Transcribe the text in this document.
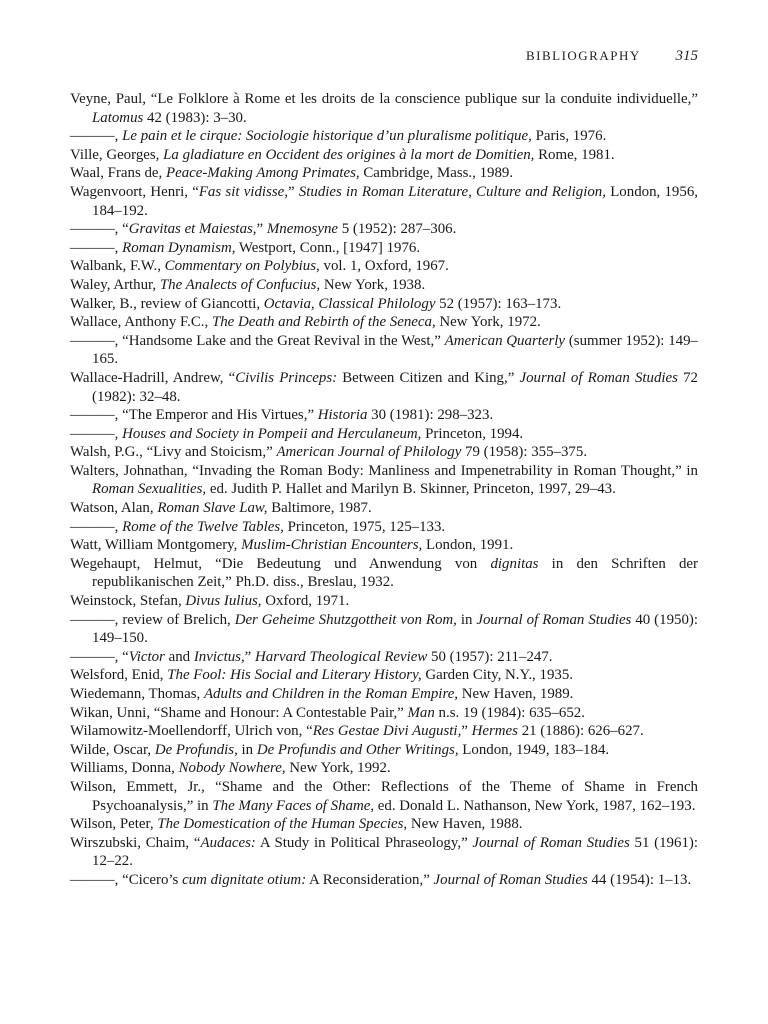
BIBLIOGRAPHY 315

Veyne, Paul, “Le Folklore à Rome et les droits de la conscience publique sur la conduite individuelle,” Latomus 42 (1983): 3–30.

———, Le pain et le cirque: Sociologie historique d’un pluralisme politique, Paris, 1976.

Ville, Georges, La gladiature en Occident des origines à la mort de Domitien, Rome, 1981.

Waal, Frans de, Peace-Making Among Primates, Cambridge, Mass., 1989.

Wagenvoort, Henri, “Fas sit vidisse,” Studies in Roman Literature, Culture and Religion, London, 1956, 184–192.

———, “Gravitas et Maiestas,” Mnemosyne 5 (1952): 287–306.

———, Roman Dynamism, Westport, Conn., [1947] 1976.

Walbank, F.W., Commentary on Polybius, vol. 1, Oxford, 1967.

Waley, Arthur, The Analects of Confucius, New York, 1938.

Walker, B., review of Giancotti, Octavia, Classical Philology 52 (1957): 163–173.

Wallace, Anthony F.C., The Death and Rebirth of the Seneca, New York, 1972.

———, “Handsome Lake and the Great Revival in the West,” American Quarterly (summer 1952): 149–165.

Wallace-Hadrill, Andrew, “Civilis Princeps: Between Citizen and King,” Journal of Roman Studies 72 (1982): 32–48.

———, “The Emperor and His Virtues,” Historia 30 (1981): 298–323.

———, Houses and Society in Pompeii and Herculaneum, Princeton, 1994.

Walsh, P.G., “Livy and Stoicism,” American Journal of Philology 79 (1958): 355–375.

Walters, Johnathan, “Invading the Roman Body: Manliness and Impenetrability in Roman Thought,” in Roman Sexualities, ed. Judith P. Hallet and Marilyn B. Skinner, Princeton, 1997, 29–43.

Watson, Alan, Roman Slave Law, Baltimore, 1987.

———, Rome of the Twelve Tables, Princeton, 1975, 125–133.

Watt, William Montgomery, Muslim-Christian Encounters, London, 1991.

Wegehaupt, Helmut, “Die Bedeutung und Anwendung von dignitas in den Schriften der republikanischen Zeit,” Ph.D. diss., Breslau, 1932.

Weinstock, Stefan, Divus Iulius, Oxford, 1971.

———, review of Brelich, Der Geheime Shutzgottheit von Rom, in Journal of Roman Studies 40 (1950): 149–150.

———, “Victor and Invictus,” Harvard Theological Review 50 (1957): 211–247.

Welsford, Enid, The Fool: His Social and Literary History, Garden City, N.Y., 1935.

Wiedemann, Thomas, Adults and Children in the Roman Empire, New Haven, 1989.

Wikan, Unni, “Shame and Honour: A Contestable Pair,” Man n.s. 19 (1984): 635–652.

Wilamowitz-Moellendorff, Ulrich von, “Res Gestae Divi Augusti,” Hermes 21 (1886): 626–627.

Wilde, Oscar, De Profundis, in De Profundis and Other Writings, London, 1949, 183–184.

Williams, Donna, Nobody Nowhere, New York, 1992.

Wilson, Emmett, Jr., “Shame and the Other: Reflections of the Theme of Shame in French Psychoanalysis,” in The Many Faces of Shame, ed. Donald L. Nathanson, New York, 1987, 162–193.

Wilson, Peter, The Domestication of the Human Species, New Haven, 1988.

Wirszubski, Chaim, “Audaces: A Study in Political Phraseology,” Journal of Roman Studies 51 (1961): 12–22.

———, “Cicero’s cum dignitate otium: A Reconsideration,” Journal of Roman Studies 44 (1954): 1–13.
